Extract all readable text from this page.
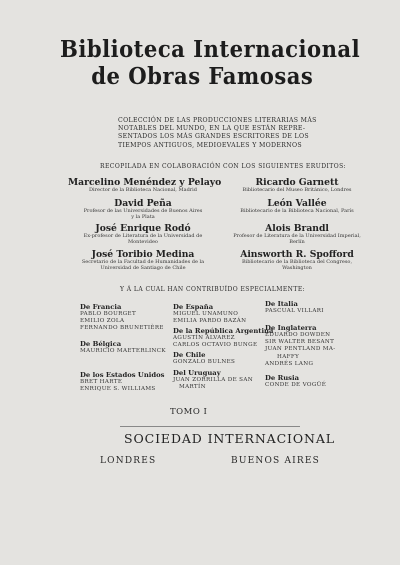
Biblioteca Internacional
de Obras Famosas
COLECCIÓN DE LAS PRODUCCIONES LITERARIAS MÁS
NOTABLES DEL MUNDO, EN LA QUE ESTÁN REPRE-
SENTADOS LOS MÁS GRANDES ESCRITORES DE LOS
TIEMPOS ANTIGUOS, MEDIOEVALES Y MODERNOS
RECOPILADA EN COLABORACIÓN CON LOS SIGUIENTES ERUDITOS:
Marcelino Menéndez y Pelayo
Director de la Biblioteca Nacional, Madrid
David Peña
Profesor de las Universidades de Buenos Aires
y la Plata
José Enrique Rodó
Ex-profesor de Literatura de la Universidad de
Montevideo
José Toribio Medina
Secretario de la Facultad de Humanidades de la
Universidad de Santiago de Chile
Ricardo Garnett
Bibliotecario del Museo Británico, Londres
León Vallée
Bibliotecario de la Biblioteca Nacional, París
Alois Brandl
Profesor de Literatura de la Universidad Imperial,
Berlín
Ainsworth R. Spofford
Bibliotecario de la Biblioteca del Congreso,
Washington
Y Á LA CUAL HAN CONTRIBUÍDO ESPECIALMENTE:
De Francia
PABLO BOURGET
EMILIO ZOLA
FERNANDO BRUNETIÈRE
De Bélgica
MAURICIO MAETERLINCK
De los Estados Unidos
BRET HARTE
ENRIQUE S. WILLIAMS
De España
MIGUEL UNAMUNO
EMILIA PARDO BAZÁN
De la República Argentina
AGUSTÍN ÁLVAREZ
CARLOS OCTAVIO BUNGE
De Chile
GONZALO BULNES
Del Uruguay
JUAN ZORRILLA DE SAN
MARTÍN
De Italia
PASCUAL VILLARI
De Inglaterra
EDUARDO DOWDEN
SIR WALTER BESANT
JUAN PENTLAND MA-
HAFFY
ANDRÉS LANG
De Rusia
CONDE DE VOGÜÉ
TOMO I
SOCIEDAD INTERNACIONAL
LONDRES	BUENOS AIRES
